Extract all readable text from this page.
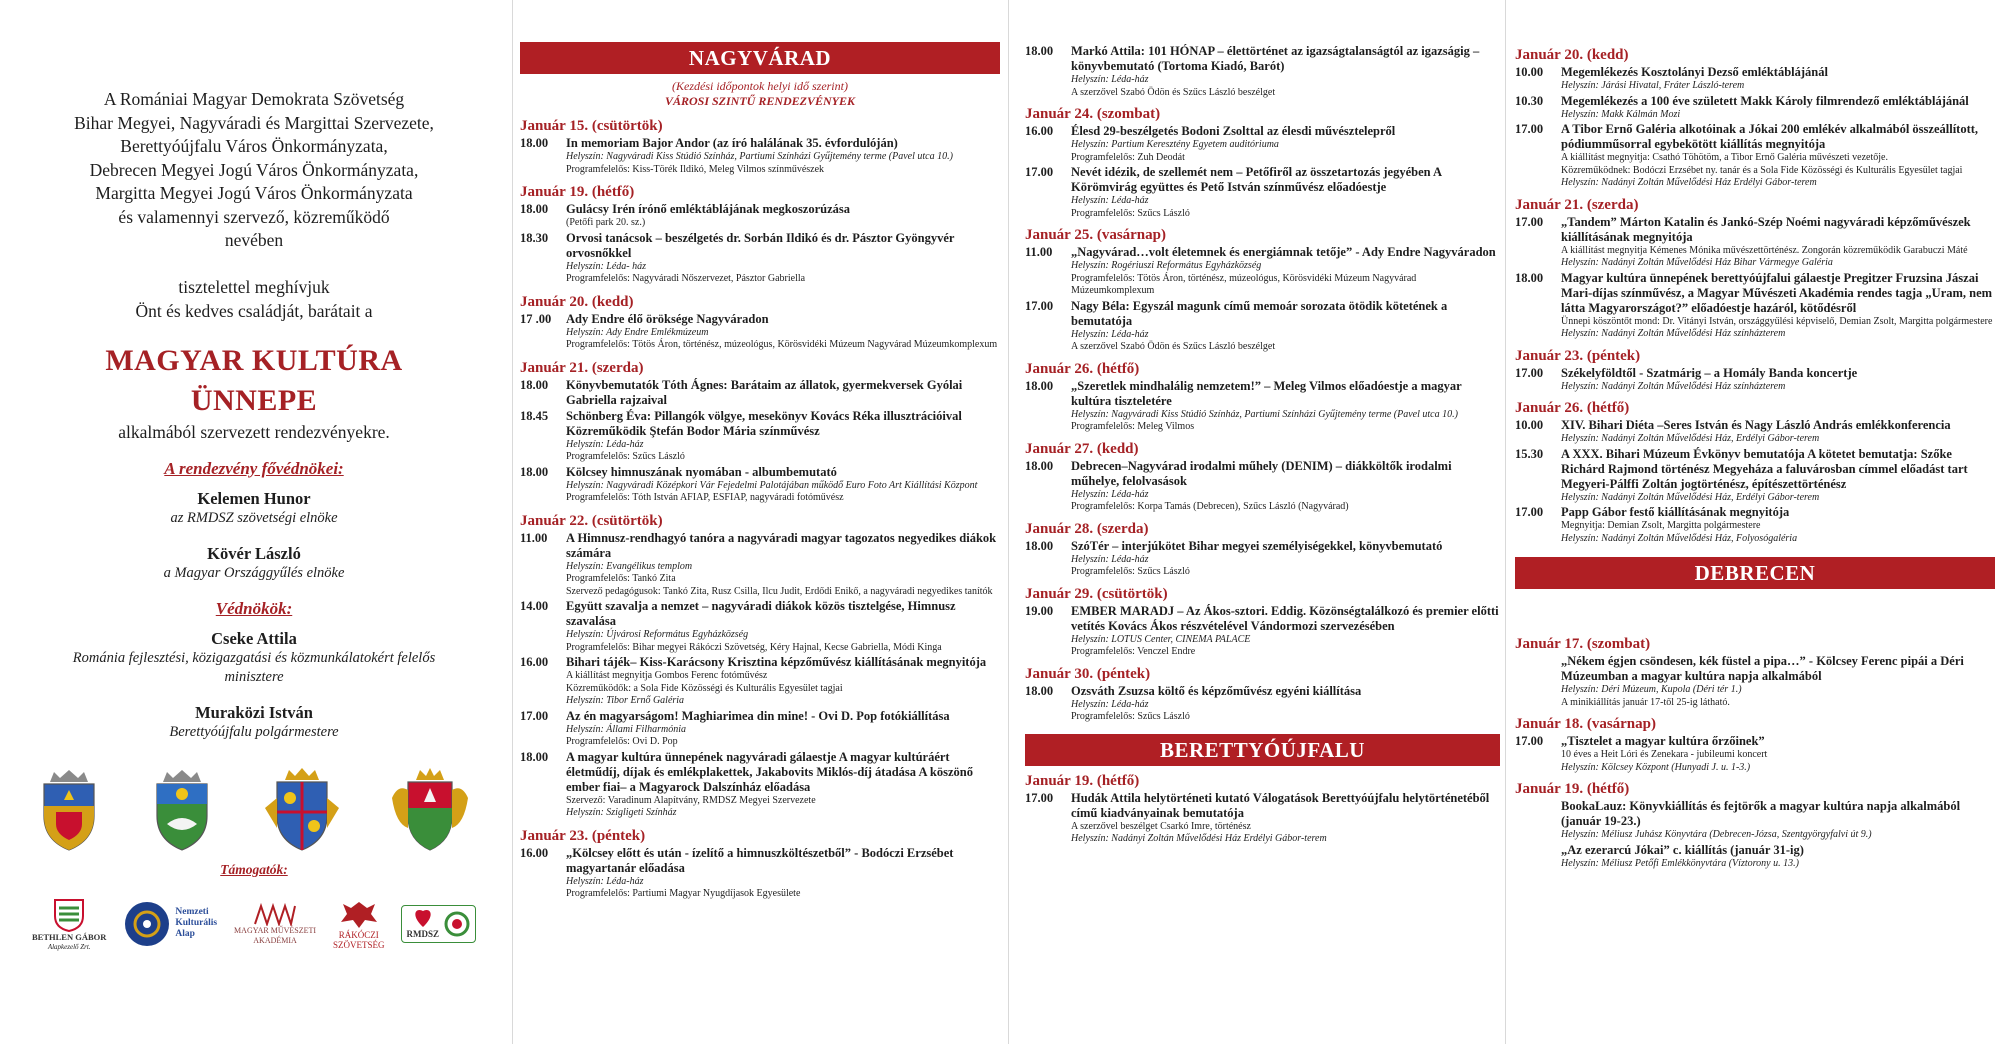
A Romániai Magyar Demokrata Szövetség
Bihar Megyei, Nagyváradi és Margittai Szervezete,
Berettyóújfalu Város Önkormányzata,
Debrecen Megyei Jogú Város Önkormányzata,
Margitta Megyei Jogú Város Önkormányzata
és valamennyi szervező, közreműködő
nevében
tisztelettel meghívjuk
Önt és kedves családját, barátait a
MAGYAR KULTÚRA
ÜNNEPE
alkalmából szervezett rendezvényekre.
A rendezvény fővédnökei:
Kelemen Hunor
az RMDSZ szövetségi elnöke
Kövér László
a Magyar Országgyűlés elnöke
Védnökök:
Cseke Attila
Románia fejlesztési, közigazgatási és közmunkálatokért felelős minisztere
Muraközi István
Berettyóújfalu polgármestere
Támogatók:
BETHLEN GÁBOR
Alapkezelő Zrt.
Nemzeti
Kulturális
Alap	MAGYAR MŰVÉSZETI
AKADÉMIA
RÁKÓCZI
SZÖVETSÉG
RMDSZ
NAGYVÁRAD
(Kezdési időpontok helyi idő szerint)
VÁROSI SZINTŰ RENDEZVÉNYEK
Január 15. (csütörtök)
18.00	In memoriam Bajor Andor (az író halálának 35. évfordulóján)
Helyszín: Nagyváradi Kiss Stúdió Színház, Partiumi Színházi Gyűjtemény terme (Pavel utca 10.)
Programfelelős: Kiss-Törék Ildikó, Meleg Vilmos színművészek
Január 19. (hétfő)
18.00	Gulácsy Irén írónő emléktáblájának megkoszorúzása
(Petőfi park 20. sz.)
18.30	Orvosi tanácsok – beszélgetés dr. Sorbán Ildikó és dr. Pásztor Gyöngyvér orvosnőkkel
Helyszín: Léda- ház
Programfelelős: Nagyváradi Nőszervezet, Pásztor Gabriella
Január 20. (kedd)
17 .00	Ady Endre élő öröksége Nagyváradon
Helyszín: Ady Endre Emlékmúzeum
Programfelelős: Tötös Áron, történész, múzeológus, Körösvidéki Múzeum Nagyvárad Múzeumkomplexum
Január 21. (szerda)
18.00	Könyvbemutatók Tóth Ágnes: Barátaim az állatok, gyermekversek Gyólai Gabriella rajzaival
18.45	Schönberg Éva: Pillangók völgye, mesekönyv Kovács Réka illusztrációival Közreműködik Ştefán Bodor Mária színművész
Helyszín: Léda-ház
Programfelelős: Szűcs László
18.00	Kölcsey himnuszának nyomában - albumbemutató
Helyszín: Nagyváradi Középkori Vár Fejedelmi Palotájában működő Euro Foto Art Kiállítási Központ
Programfelelős: Tóth István AFIAP, ESFIAP, nagyváradi fotóművész
Január 22. (csütörtök)
11.00	A Himnusz-rendhagyó tanóra a nagyváradi magyar tagozatos negyedikes diákok számára
Helyszín: Evangélikus templom
Programfelelős: Tankó Zita
Szervező pedagógusok: Tankó Zita, Rusz Csilla, Ilcu Judit, Erdődi Enikő, a nagyváradi negyedikes tanítók
14.00	Együtt szavalja a nemzet – nagyváradi diákok közös tisztelgése, Himnusz szavalása
Helyszín: Újvárosi Református Egyházközség
Programfelelős: Bihar megyei Rákóczi Szövetség, Kéry Hajnal, Kecse Gabriella, Módi Kinga
16.00	Bihari tájék– Kiss-Karácsony Krisztina képzőművész kiállításának megnyitója
A kiállítást megnyitja Gombos Ferenc fotóművész
Közreműködők: a Sola Fide Közösségi és Kulturális Egyesület tagjai
Helyszín: Tibor Ernő Galéria
17.00	Az én magyarságom! Maghiarimea din mine! - Ovi D. Pop fotókiállítása
Helyszín: Állami Filharmónia
Programfelelős: Ovi D. Pop
18.00	A magyar kultúra ünnepének nagyváradi gálaestje A magyar kultúráért életműdíj, díjak és emlékplakettek, Jakabovits Miklós-díj átadása A köszönő ember fiai– a Magyarock Dalszínház előadása
Szervező: Varadinum Alapítvány, RMDSZ Megyei Szervezete
Helyszín: Szigligeti Színház
Január 23. (péntek)
16.00	„Kölcsey előtt és után - ízelítő a himnuszköltészetből” - Bodóczi Erzsébet magyartanár előadása
Helyszín: Léda-ház
Programfelelős: Partiumi Magyar Nyugdíjasok Egyesülete
18.00	Markó Attila: 101 HÓNAP – élettörténet az igazságtalanságtól az igazságig – könyvbemutató (Tortoma Kiadó, Barót)
Helyszín: Léda-ház
A szerzővel Szabó Ödön és Szűcs László beszélget
Január 24. (szombat)
16.00	Élesd 29-beszélgetés Bodoni Zsolttal az élesdi művésztelepről
Helyszín: Partium Keresztény Egyetem auditóriuma
Programfelelős: Zuh Deodát
17.00	Nevét idézik, de szellemét nem – Petőfiről az összetartozás jegyében A Körömvirág együttes és Pető István színművész előadóestje
Helyszín: Léda-ház
Programfelelős: Szűcs László
Január 25. (vasárnap)
11.00	„Nagyvárad…volt életemnek és energiámnak tetője” - Ady Endre Nagyváradon
Helyszín: Rogériuszi Református Egyházközség
Programfelelős: Tötös Áron, történész, múzeológus, Körösvidéki Múzeum Nagyvárad Múzeumkomplexum
17.00	Nagy Béla: Egyszál magunk című memoár sorozata ötödik kötetének a bemutatója
Helyszín: Léda-ház
A szerzővel Szabó Ödön és Szűcs László beszélget
Január 26. (hétfő)
18.00	„Szeretlek mindhalálig nemzetem!” – Meleg Vilmos előadóestje a magyar kultúra tiszteletére
Helyszín: Nagyváradi Kiss Stúdió Színház, Partiumi Színházi Gyűjtemény terme (Pavel utca 10.)
Programfelelős: Meleg Vilmos
Január 27. (kedd)
18.00	Debrecen–Nagyvárad irodalmi műhely (DENIM) – diákköltők irodalmi műhelye, felolvasások
Helyszín: Léda-ház
Programfelelős: Korpa Tamás (Debrecen), Szűcs László (Nagyvárad)
Január 28. (szerda)
18.00	SzóTér – interjúkötet Bihar megyei személyiségekkel, könyvbemutató
Helyszín: Léda-ház
Programfelelős: Szűcs László
Január 29. (csütörtök)
19.00	EMBER MARADJ – Az Ákos-sztori. Eddig. Közönségtalálkozó és premier előtti vetítés Kovács Ákos részvételével Vándormozi szervezésében
Helyszín: LOTUS Center, CINEMA PALACE
Programfelelős: Venczel Endre
Január 30. (péntek)
18.00	Ozsváth Zsuzsa költő és képzőművész egyéni kiállítása
Helyszín: Léda-ház
Programfelelős: Szűcs László
BERETTYÓÚJFALU
Január 19. (hétfő)
17.00	Hudák Attila helytörténeti kutató Válogatások Berettyóújfalu helytörténetéből című kiadványainak bemutatója
A szerzővel beszélget Csarkó Imre, történész
Helyszín: Nadányi Zoltán Művelődési Ház Erdélyi Gábor-terem
Január 20. (kedd)
10.00	Megemlékezés Kosztolányi Dezső emléktáblájánál
Helyszín: Járási Hivatal, Fráter László-terem
10.30	Megemlékezés a 100 éve született Makk Károly filmrendező emléktáblájánál
Helyszín: Makk Kálmán Mozi
17.00	A Tibor Ernő Galéria alkotóinak a Jókai 200 emlékév alkalmából összeállított, pódiumműsorral egybekötött kiállítás megnyitója
A kiállítást megnyitja: Csathó Töhötöm, a Tibor Ernő Galéria művészeti vezetője.
Közreműködnek: Bodóczi Erzsébet ny. tanár és a Sola Fide Közösségi és Kulturális Egyesület tagjai
Helyszín: Nadányi Zoltán Művelődési Ház Erdélyi Gábor-terem
Január 21. (szerda)
17.00	„Tandem” Márton Katalin és Jankó-Szép Noémi nagyváradi képzőművészek kiállításának megnyitója
A kiállítást megnyitja Kémenes Mónika művészettörténész. Zongorán közreműködik Garabuczi Máté
Helyszín: Nadányi Zoltán Művelődési Ház Bihar Vármegye Galéria
18.00	Magyar kultúra ünnepének berettyóújfalui gálaestje Pregitzer Fruzsina Jászai Mari-díjas színművész, a Magyar Művészeti Akadémia rendes tagja „Uram, nem látta Magyarországot?” előadóestje hazáról, kötődésről
Ünnepi köszöntőt mond: Dr. Vitányi István, országgyűlési képviselő, Demian Zsolt, Margitta polgármestere
Helyszín: Nadányi Zoltán Művelődési Ház színházterem
Január 23. (péntek)
17.00	Székelyföldtől - Szatmárig – a Homály Banda koncertje
Helyszín: Nadányi Zoltán Művelődési Ház színházterem
Január 26. (hétfő)
10.00	XIV. Bihari Diéta –Seres István és Nagy László András emlékkonferencia
Helyszín: Nadányi Zoltán Művelődési Ház, Erdélyi Gábor-terem
15.30	A XXX. Bihari Múzeum Évkönyv bemutatója A kötetet bemutatja: Szőke Richárd Rajmond történész Megyeháza a faluvárosban címmel előadást tart Megyeri-Pálffi Zoltán jogtörténész, építészettörténész
Helyszín: Nadányi Zoltán Művelődési Ház, Erdélyi Gábor-terem
17.00	Papp Gábor festő kiállításának megnyitója
Megnyitja: Demian Zsolt, Margitta polgármestere
Helyszín: Nadányi Zoltán Művelődési Ház, Folyosógaléria
DEBRECEN
Január 17. (szombat)
„Nékem égjen csöndesen, kék füstel a pipa…” - Kölcsey Ferenc pipái a Déri Múzeumban a magyar kultúra napja alkalmából
Helyszín: Déri Múzeum, Kupola (Déri tér 1.)
A minikiállítás január 17-től 25-ig látható.
Január 18. (vasárnap)
17.00	„Tisztelet a magyar kultúra őrzőinek”
10 éves a Heit Lóri és Zenekara - jubileumi koncert
Helyszín: Kölcsey Központ (Hunyadi J. u. 1-3.)
Január 19. (hétfő)
BookaLauz: Könyvkiállítás és fejtörők a magyar kultúra napja alkalmából (január 19-23.)
Helyszín: Méliusz Juhász Könyvtára (Debrecen-Józsa, Szentgyörgyfalvi út 9.)
„Az ezerarcú Jókai” c. kiállítás (január 31-ig)
Helyszín: Méliusz Petőfi Emlékkönyvtára (Víztorony u. 13.)
